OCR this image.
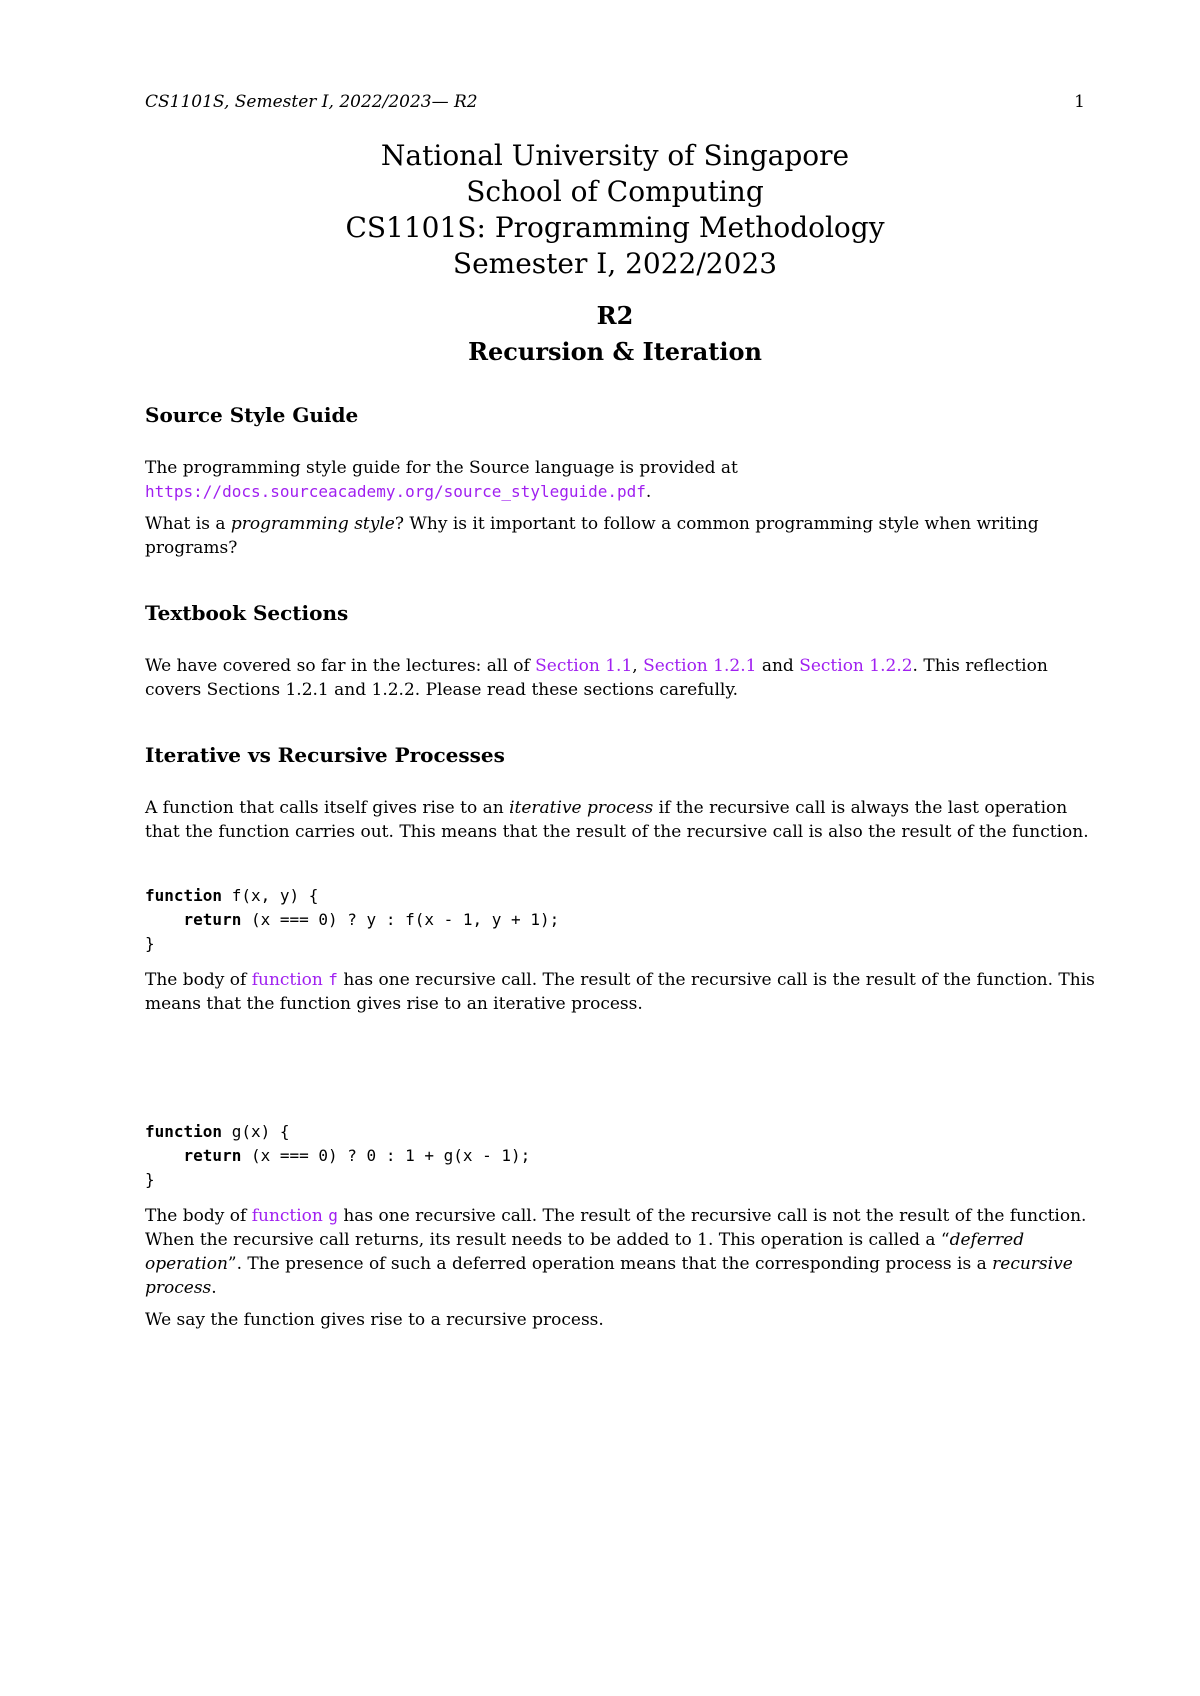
CS1101S, Semester I, 2022/2023— R2	1
National University of Singapore
School of Computing
CS1101S: Programming Methodology
Semester I, 2022/2023
R2
Recursion & Iteration
Source Style Guide

The programming style guide for the Source language is provided at https://docs.sourceacademy.org/source_styleguide.pdf.

What is a programming style? Why is it important to follow a common programming style when writing programs?

Textbook Sections

We have covered so far in the lectures: all of Section 1.1, Section 1.2.1 and Section 1.2.2. This reflection covers Sections 1.2.1 and 1.2.2. Please read these sections carefully.

Iterative vs Recursive Processes

A function that calls itself gives rise to an iterative process if the recursive call is always the last operation that the function carries out. This means that the result of the recursive call is also the result of the function.

function f(x, y) {
return (x === 0) ? y : f(x - 1, y + 1);
}

The body of function f has one recursive call. The result of the recursive call is the result of the function. This means that the function gives rise to an iterative process.

function g(x) {
return (x === 0) ? 0 : 1 + g(x - 1);
}

The body of function g has one recursive call. The result of the recursive call is not the result of the function. When the recursive call returns, its result needs to be added to 1. This operation is called a “deferred operation”. The presence of such a deferred operation means that the corresponding process is a recursive process.

We say the function gives rise to a recursive process.
